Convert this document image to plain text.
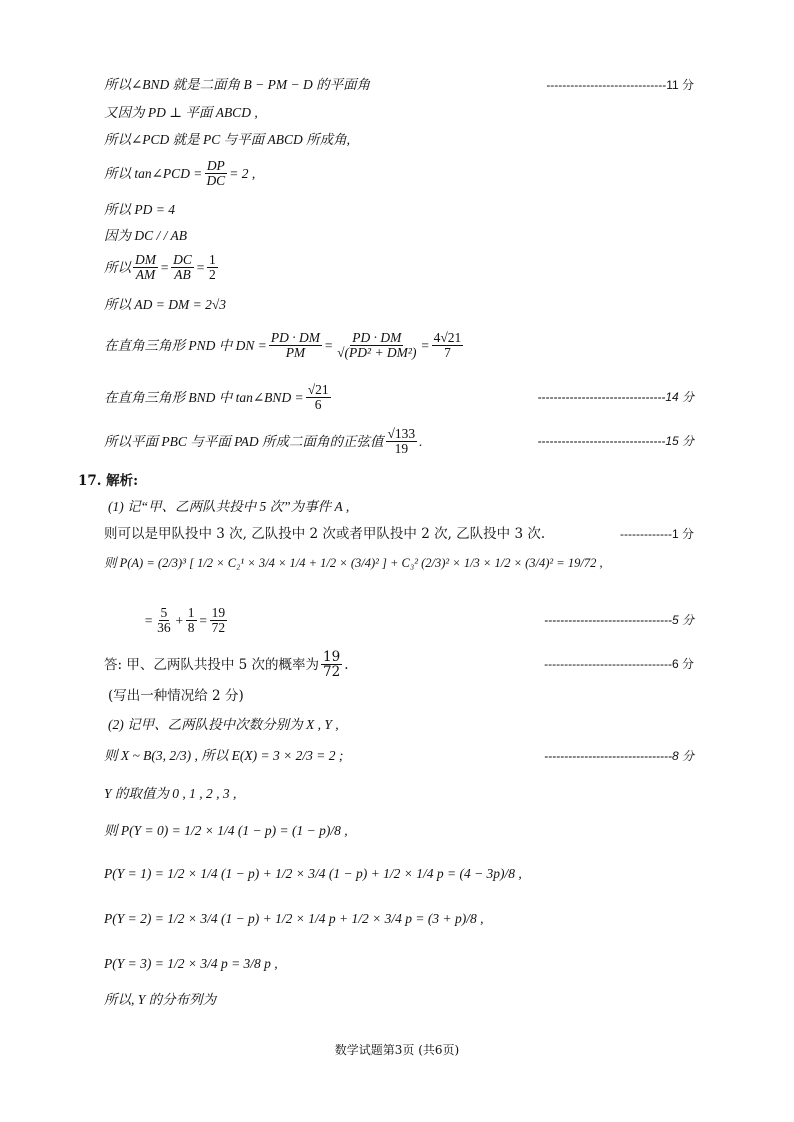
所以∠BND 就是二面角 B − PM − D 的平面角	------------------------------11 分
又因为 PD ⊥ 平面 ABCD ,
所以∠PCD 就是 PC 与平面 ABCD 所成角,
所以 tan∠PCD = $\frac{DP}{DC} = 2$ ,
所以 PD = 4
因为 DC / / AB
所以 $\frac{DM}{AM} = \frac{DC}{AB} = \frac{1}{2}$
所以 AD = DM = 2√3
在直角三角形 PND 中 DN = $\frac{PD \cdot DM}{PM} = \frac{PD \cdot DM}{\text{√(PD² + DM²)}} = \frac{4√21}{7}$
在直角三角形 BND 中 tan∠BND = $\frac{√21}{6}$	--------------------------------14 分
所以平面 PBC 与平面 PAD 所成二面角的正弦值 $\frac{√133}{19}$ .	--------------------------------15 分
17. 解析:
(1) 记“甲、乙两队共投中 5 次”为事件 A ,
则可以是甲队投中 3 次, 乙队投中 2 次或者甲队投中 2 次, 乙队投中 3 次.	-------------1 分
则 P(A) = (2/3)³ [ 1/2 × C₂¹ × 3/4 × 1/4 + 1/2 × (3/4)² ] + C₃² (2/3)² × 1/3 × 1/2 × (3/4)² = 19/72 ,
= $\frac{5}{36} + \frac{1}{8} = \frac{19}{72}$	--------------------------------5 分
答: 甲、乙两队共投中 5 次的概率为 $\frac{19}{72}$ .	--------------------------------6 分
(写出一种情况给 2 分)
(2) 记甲、乙两队投中次数分别为 X , Y ,
则 X ~ B(3, 2/3) , 所以 E(X) = 3 × 2/3 = 2 ;	--------------------------------8 分
Y 的取值为 0 , 1 , 2 , 3 ,
则 P(Y = 0) = 1/2 × 1/4 (1 − p) = (1 − p)/8 ,
P(Y = 1) = 1/2 × 1/4 (1 − p) + 1/2 × 3/4 (1 − p) + 1/2 × 1/4 p = (4 − 3p)/8 ,
P(Y = 2) = 1/2 × 3/4 (1 − p) + 1/2 × 1/4 p + 1/2 × 3/4 p = (3 + p)/8 ,
P(Y = 3) = 1/2 × 3/4 p = 3/8 p ,
所以, Y 的分布列为
数学试题第3页 (共6页)
